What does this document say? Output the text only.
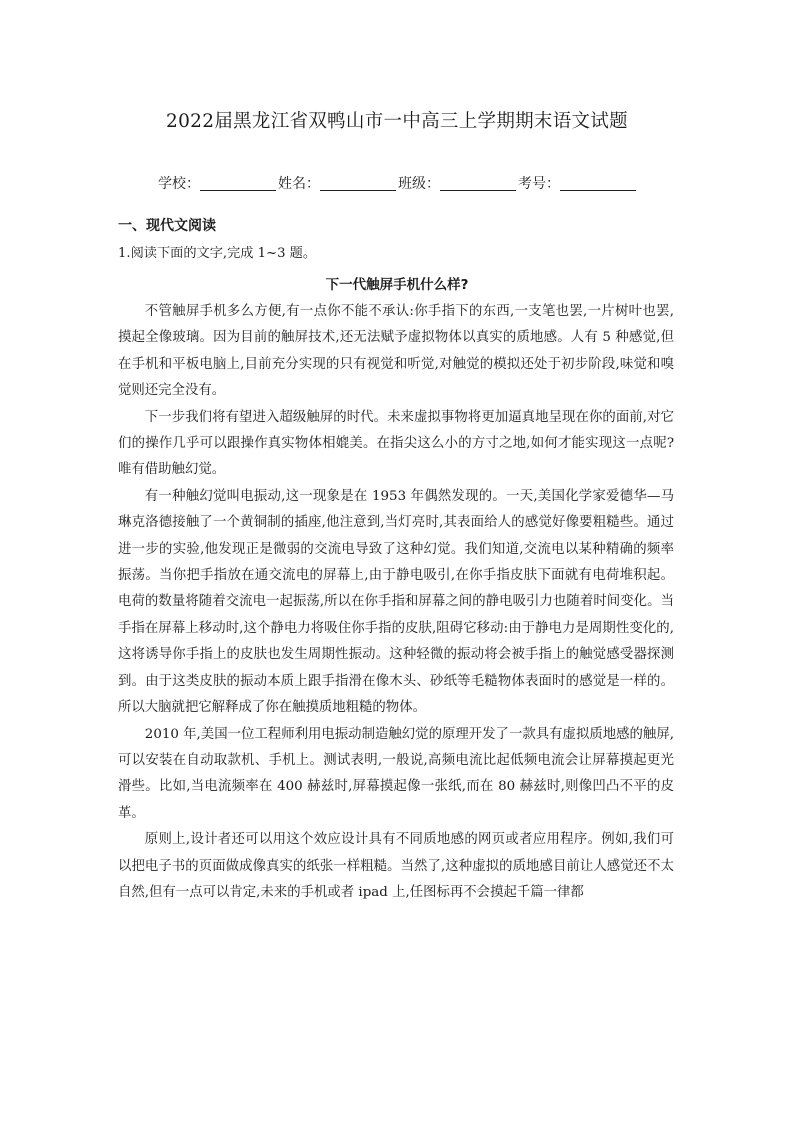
2022届黑龙江省双鸭山市一中高三上学期期末语文试题
学校：	姓名：	班级：	考号：
一、现代文阅读
1.阅读下面的文字,完成 1~3 题。
下一代触屏手机什么样?

不管触屏手机多么方便,有一点你不能不承认:你手指下的东西,一支笔也罢,一片树叶也罢,摸起全像玻璃。因为目前的触屏技术,还无法赋予虚拟物体以真实的质地感。人有 5 种感觉,但在手机和平板电脑上,目前充分实现的只有视觉和听觉,对触觉的模拟还处于初步阶段,味觉和嗅觉则还完全没有。

下一步我们将有望进入超级触屏的时代。未来虚拟事物将更加逼真地呈现在你的面前,对它们的操作几乎可以跟操作真实物体相媲美。在指尖这么小的方寸之地,如何才能实现这一点呢?唯有借助触幻觉。

有一种触幻觉叫电振动,这一现象是在 1953 年偶然发现的。一天,美国化学家爱德华—马琳克洛德接触了一个黄铜制的插座,他注意到,当灯亮时,其表面给人的感觉好像要粗糙些。通过进一步的实验,他发现正是微弱的交流电导致了这种幻觉。我们知道,交流电以某种精确的频率振荡。当你把手指放在通交流电的屏幕上,由于静电吸引,在你手指皮肤下面就有电荷堆积起。电荷的数量将随着交流电一起振荡,所以在你手指和屏幕之间的静电吸引力也随着时间变化。当手指在屏幕上移动时,这个静电力将吸住你手指的皮肤,阻碍它移动:由于静电力是周期性变化的,这将诱导你手指上的皮肤也发生周期性振动。这种轻微的振动将会被手指上的触觉感受器探测到。由于这类皮肤的振动本质上跟手指滑在像木头、砂纸等毛糙物体表面时的感觉是一样的。所以大脑就把它解释成了你在触摸质地粗糙的物体。

2010 年,美国一位工程师利用电振动制造触幻觉的原理开发了一款具有虚拟质地感的触屏,可以安装在自动取款机、手机上。测试表明,一般说,高频电流比起低频电流会让屏幕摸起更光滑些。比如,当电流频率在 400 赫兹时,屏幕摸起像一张纸,而在 80 赫兹时,则像凹凸不平的皮革。

原则上,设计者还可以用这个效应设计具有不同质地感的网页或者应用程序。例如,我们可以把电子书的页面做成像真实的纸张一样粗糙。当然了,这种虚拟的质地感目前让人感觉还不太自然,但有一点可以肯定,未来的手机或者 ipad 上,任图标再不会摸起千篇一律都
